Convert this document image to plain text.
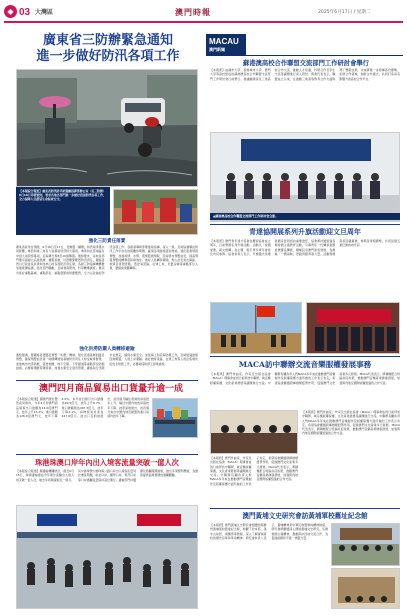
◆ 03 大灣區	澳門時報	2025年6月17日 / 星期二
廣東省三防辦緊急通知
進一步做好防汛各項工作
【本報綜合報道】廣東省防汛防旱防風總指揮部辦公室（省三防辦）6月16日印發通知，要求各地各部門進一步做好當前防汛各項工作，全力保障人民群眾生命財產安全。
強化三防責任落實
廣東省氣象台預測，6月16日至17日，受颱風「蝴蝶」和西南季風共同影響，粵西和珠三角有大到暴雨局部特大暴雨，粵東和北部地區有中到大雨局部暴雨，沿海將出現8至10級陣風。通知要求，各地各部門要牢固樹立底線思維、極限思維，切實壓緊壓實防汛責任，嚴格落實以行政首長負責制為核心的各項防汛責任制，各級三防指揮機構要加強統籌協調，強化部門聯動，及時會商研判，科學精準調度。要突出抓好重點區域、重點部位、重點環節的防範應對，全力以赴做好防汛各項工作。各級領導幹部要靠前指揮、深入一線，及時協調解決防汛工作中存在的困難和問題，確保各項措施落到實處。強化監測預報預警，加強雨情、水情、風情監測預報，及時發布預警信息，提高預報預警的精準度和時效性。做好人員轉移避險，對山洪災害危險區、地質災害隱患點、低洼易澇區、在建工地、危舊房屋等重點部位人員，要提前果斷轉移。
強化洪澇防禦人員轉移避險
通知強調，要嚴格落實臨災預警「叫應」機制，強化直達基層的臨災預警，確保預警信息第一時間傳遞到基層防汛責任人和受威脅群眾。加強城市內澇防範，落實地鐵、地下空間、下穿隧道等重點部位防範措施，必要時果斷停運停業。加強水庫安全度汛管理，嚴格執行汛限水位規定，確保水庫安全。加強海上和沿海防風工作，及時組織漁船回港避風、人員上岸避險。做好旅遊景區、在建工地等人員密集場所的安全防範工作，必要時採取停工停業措施。
澳門四月商品貿易出口貨量升逾一成
【本報綜合報道】據澳門統計暨普查局資料，今年4月份澳門商品貿易出口總額為12.6億澳門元，按年上升13.2%；進口總額為128.9億澳門元，按年下降4.5%。本年首四個月出口總額為49.5億元，按年上升8.7%；進口總額則為497.3億元，按年下降2.1%，貨物貿易逆差為447.8億元。按出口目的地統計，首四個月輸往香港的貨值按年上升，輸往中國內地的貨值按年下降；按原產地統計，首四個月來自中國內地及歐盟的進口貨值均按年下降。
珠港珠澳口岸年內出入境客流量突破一億人次
【本報綜合報道】據邊檢機關統計，截至6月15日，珠海邊檢總站今年累計查驗出入境人員突破一億人次，較去年同期提前近一個月。其中港珠澳大橋珠海公路口岸出入境客流量同比增長明顯，拱北口岸、橫琴口岸、青茂口岸等口岸通關流量保持高位運行。邊檢部門持續優化通關服務措施，推出多項便利舉措，為旅客提供高效便捷的通關體驗。
MACAU
澳門新聞
蘇港澳高校合作聯盟交流部門工作研討會舉行
【本報訊】由蘇州大學、香港城市大學、澳門大學等高校組成的蘇港澳高校合作聯盟交流部門工作研討會日前舉行。會議圍繞深化三地高校合作交流、推動人才培養、科研合作及學生交流等議題進行深入研討。與會代表表示，聯盟成立以來，在推動三地高等教育合作方面取得了豐碩成果，未來將進一步發揮各自優勢，拓展合作領域，創新合作模式，共同打造具有影響力的高校合作平台。
▲蘇港澳高校合作聯盟交流部門工作研討會合影。
青達協開展系列升旗活動迎文旦周年
【本報訊】澳門青年達才協會為慶祝協會成立周年，日前舉辦系列升旗活動。活動以「愛國愛澳、薪火相傳」為主題，吸引眾多青年會員及市民參與。協會負責人表示，升旗儀式是增強國家認同感的重要途徑，協會將持續組織各類愛國主義教育活動，引導青年一代傳承愛國愛澳優良傳統，積極投身澳門建設發展，為推進「一國兩制」實踐貢獻青春力量。活動現場氣氛莊嚴肅穆，參與者齊唱國歌，共同見證五星紅旗冉冉升起。
MACA訪中聯辦交流音樂服權發展事務
【本報訊】澳門作曲家、作家及出版社協會（MACA）理事會成員日前拜訪中聯辦，就音樂版權保護、文化產業發展等議題進行交流。中聯辦有關負責人對MACA多年來在推動澳門音樂創作及版權保護方面所做的工作表示肯定，希望協會繼續發揮橋樑紐帶作用，促進澳門文化產業多元發展。MACA代表表示，將積極配合特區政府政策，推動澳門音樂產業健康發展，加強與內地及國際版權組織的合作交流。
【本報訊】澳門作曲家、作家及出版社協會（MACA）理事會成員日前拜訪中聯辦，就音樂版權保護、文化產業發展等議題進行交流。中聯辦有關負責人對MACA多年來在推動澳門音樂創作及版權保護方面所做的工作表示肯定，希望協會繼續發揮橋樑紐帶作用，促進澳門文化產業多元發展。MACA代表表示，將積極配合特區政府政策，推動澳門音樂產業健康發展，加強與內地及國際版權組織的合作交流。
【本報訊】澳門作曲家、作家及出版社協會（MACA）理事會成員日前拜訪中聯辦，就音樂版權保護、文化產業發展等議題進行交流。中聯辦有關負責人對MACA多年來在推動澳門音樂創作及版權保護方面所做的工作表示肯定，希望協會繼續發揮橋樑紐帶作用，促進澳門文化產業多元發展。MACA代表表示，將積極配合特區政府政策，推動澳門音樂產業健康發展，加強與內地及國際版權組織的合作交流。
澳門黃埔文史研究會訪黃埔軍校舊址紀念館
【本報訊】澳門黃埔文史研究會組團訪問廣州黃埔軍校舊址紀念館，參觀了校本部、孫中山故居、俱樂部等展館，深入了解黃埔軍校的歷史沿革和革命精神。研究會負責人表示，黃埔精神是中華民族寶貴的精神財富，研究會將繼續深入開展黃埔文史研究，弘揚愛國主義精神，推動兩岸四地交流合作，為促進祖國和平統一貢獻力量。
